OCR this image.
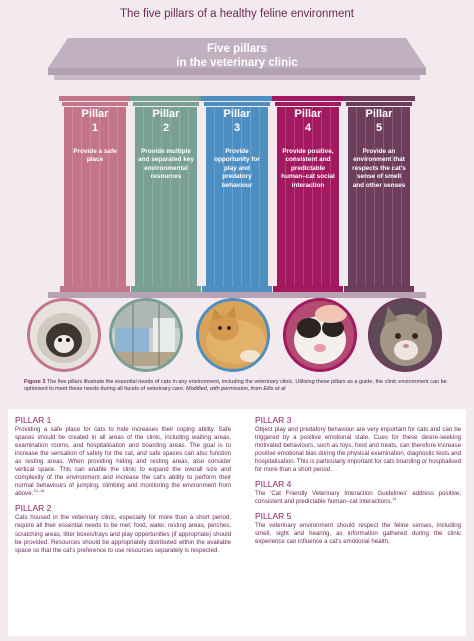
The five pillars of a healthy feline environment
Five pillars
in the veterinary clinic
Pillar
1
Provide a safe place
Pillar
2
Provide multiple and separated key environmental resources
Pillar
3
Provide opportunity for play and predatory behaviour
Pillar
4
Provide positive, consistent and predictable human–cat social interaction
Pillar
5
Provide an environment that respects the cat's sense of smell and other senses
Figure 3 The five pillars illustrate the essential needs of cats in any environment, including the veterinary clinic. Utilising these pillars as a guide, the clinic environment can be optimised to meet these needs during all facets of veterinary care. Modified, with permission, from Ellis et al
PILLAR 1
Providing a safe place for cats to hide increases their coping ability. Safe spaces should be created in all areas of the clinic, including waiting areas, examination rooms, and hospitalisation and boarding areas. The goal is to increase the sensation of safety for the cat, and safe spaces can also function as resting areas. When providing hiding and resting areas, also consider vertical space. This can enable the clinic to expand the overall size and complexity of the environment and increase the cat's ability to perform their normal behaviours of jumping, climbing and monitoring the environment from above.$^{13-16}$
PILLAR 2
Cats housed in the veterinary clinic, especially for more than a short period, require all their essential needs to be met; food, water, resting areas, perches, scratching areas, litter boxes/trays and play opportunities (if appropriate) should be provided. Resources should be appropriately distributed within the available space so that the cat's preference to use resources separately is respected.
PILLAR 3
Object play and predatory behaviour are very important for cats and can be triggered by a positive emotional state. Cues for these desire-seeking motivated behaviours, such as toys, food and treats, can therefore increase positive emotional bias during the physical examination, diagnostic tests and hospitalisation. This is particularly important for cats boarding or hospitalised for more than a short period.
PILLAR 4
The 'Cat Friendly Veterinary Interaction Guidelines' address positive, consistent and predictable human–cat interactions.$^{11}$
PILLAR 5
The veterinary environment should respect the feline senses, including smell, sight and hearing, as information gathered during the clinic experience can influence a cat's emotional health.
